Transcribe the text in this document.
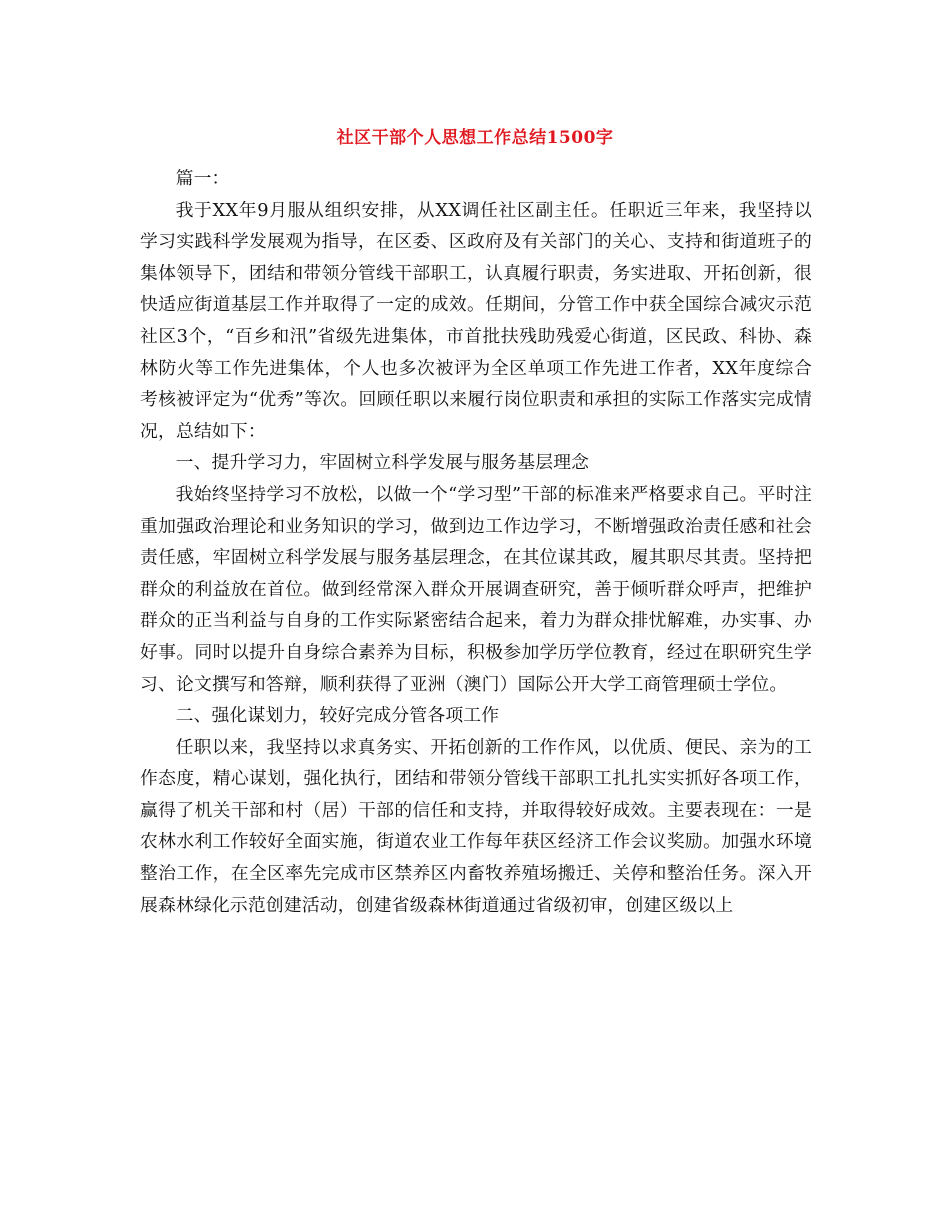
社区干部个人思想工作总结1500字

篇一：

我于XX年9月服从组织安排，从XX调任社区副主任。任职近三年来，我坚持以学习实践科学发展观为指导，在区委、区政府及有关部门的关心、支持和街道班子的集体领导下，团结和带领分管线干部职工，认真履行职责，务实进取、开拓创新，很快适应街道基层工作并取得了一定的成效。任期间，分管工作中获全国综合减灾示范社区3个，“百乡和汛”省级先进集体，市首批扶残助残爱心街道，区民政、科协、森林防火等工作先进集体，个人也多次被评为全区单项工作先进工作者，XX年度综合考核被评定为“优秀”等次。回顾任职以来履行岗位职责和承担的实际工作落实完成情况，总结如下：

一、提升学习力，牢固树立科学发展与服务基层理念

我始终坚持学习不放松，以做一个“学习型”干部的标准来严格要求自己。平时注重加强政治理论和业务知识的学习，做到边工作边学习，不断增强政治责任感和社会责任感，牢固树立科学发展与服务基层理念，在其位谋其政，履其职尽其责。坚持把群众的利益放在首位。做到经常深入群众开展调查研究，善于倾听群众呼声，把维护群众的正当利益与自身的工作实际紧密结合起来，着力为群众排忧解难，办实事、办好事。同时以提升自身综合素养为目标，积极参加学历学位教育，经过在职研究生学习、论文撰写和答辩，顺利获得了亚洲（澳门）国际公开大学工商管理硕士学位。

二、强化谋划力，较好完成分管各项工作

任职以来，我坚持以求真务实、开拓创新的工作作风，以优质、便民、亲为的工作态度，精心谋划，强化执行，团结和带领分管线干部职工扎扎实实抓好各项工作，赢得了机关干部和村（居）干部的信任和支持，并取得较好成效。主要表现在：一是农林水利工作较好全面实施，街道农业工作每年获区经济工作会议奖励。加强水环境整治工作，在全区率先完成市区禁养区内畜牧养殖场搬迁、关停和整治任务。深入开展森林绿化示范创建活动，创建省级森林街道通过省级初审，创建区级以上
